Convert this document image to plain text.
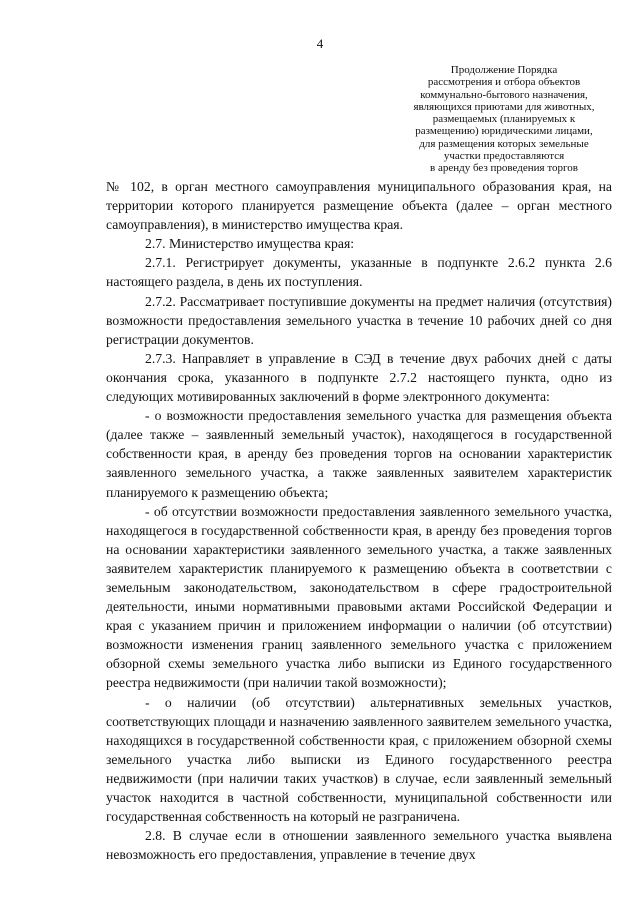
4
Продолжение Порядка
рассмотрения и отбора объектов
коммунально-бытового назначения,
являющихся приютами для животных,
размещаемых (планируемых к
размещению) юридическими лицами,
для размещения которых земельные
участки предоставляются
в аренду без проведения торгов

№ 102, в орган местного самоуправления муниципального образования края, на территории которого планируется размещение объекта (далее – орган местного самоуправления), в министерство имущества края.

2.7. Министерство имущества края:

2.7.1. Регистрирует документы, указанные в подпункте 2.6.2 пункта 2.6 настоящего раздела, в день их поступления.

2.7.2. Рассматривает поступившие документы на предмет наличия (отсутствия) возможности предоставления земельного участка в течение 10 рабочих дней со дня регистрации документов.

2.7.3. Направляет в управление в СЭД в течение двух рабочих дней с даты окончания срока, указанного в подпункте 2.7.2 настоящего пункта, одно из следующих мотивированных заключений в форме электронного документа:

- о возможности предоставления земельного участка для размещения объекта (далее также – заявленный земельный участок), находящегося в государственной собственности края, в аренду без проведения торгов на основании характеристик заявленного земельного участка, а также заявленных заявителем характеристик планируемого к размещению объекта;

- об отсутствии возможности предоставления заявленного земельного участка, находящегося в государственной собственности края, в аренду без проведения торгов на основании характеристики заявленного земельного участка, а также заявленных заявителем характеристик планируемого к размещению объекта в соответствии с земельным законодательством, законодательством в сфере градостроительной деятельности, иными нормативными правовыми актами Российской Федерации и края с указанием причин и приложением информации о наличии (об отсутствии) возможности изменения границ заявленного земельного участка с приложением обзорной схемы земельного участка либо выписки из Единого государственного реестра недвижимости (при наличии такой возможности);

- о наличии (об отсутствии) альтернативных земельных участков, соответствующих площади и назначению заявленного заявителем земельного участка, находящихся в государственной собственности края, с приложением обзорной схемы земельного участка либо выписки из Единого государственного реестра недвижимости (при наличии таких участков) в случае, если заявленный земельный участок находится в частной собственности, муниципальной собственности или государственная собственность на который не разграничена.

2.8. В случае если в отношении заявленного земельного участка выявлена невозможность его предоставления, управление в течение двух
